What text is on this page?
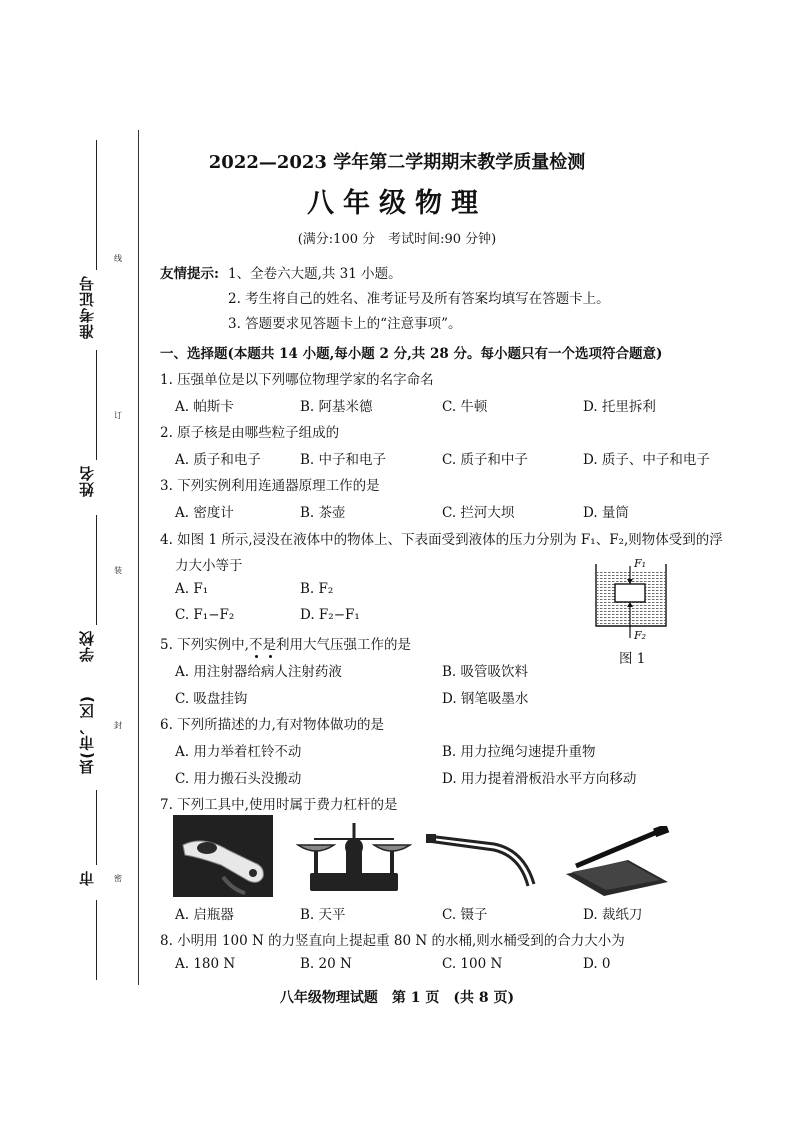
准考证号
姓名
学校
县(市、区)
市
线
订
装
封
密
2022—2023 学年第二学期期末教学质量检测
八年级物理
(满分:100 分　考试时间:90 分钟)
友情提示: 1、全卷六大题,共 31 小题。
2. 考生将自己的姓名、准考证号及所有答案均填写在答题卡上。
3. 答题要求见答题卡上的“注意事项”。
一、选择题(本题共 14 小题,每小题 2 分,共 28 分。每小题只有一个选项符合题意)
1. 压强单位是以下列哪位物理学家的名字命名
A. 帕斯卡	B. 阿基米德	C. 牛顿	D. 托里拆利
2. 原子核是由哪些粒子组成的
A. 质子和电子	B. 中子和电子	C. 质子和中子	D. 质子、中子和电子
3. 下列实例利用连通器原理工作的是
A. 密度计	B. 茶壶	C. 拦河大坝	D. 量筒
4. 如图 1 所示,浸没在液体中的物体上、下表面受到液体的压力分别为 F₁、F₂,则物体受到的浮
力大小等于
A. F₁	B. F₂
C. F₁−F₂	D. F₂−F₁
F₁
F₂
图 1
5. 下列实例中,不是利用大气压强工作的是
A. 用注射器给病人注射药液	B. 吸管吸饮料
C. 吸盘挂钩	D. 钢笔吸墨水
6. 下列所描述的力,有对物体做功的是
A. 用力举着杠铃不动	B. 用力拉绳匀速提升重物
C. 用力搬石头没搬动	D. 用力提着滑板沿水平方向移动
7. 下列工具中,使用时属于费力杠杆的是
A. 启瓶器	B. 天平	C. 镊子	D. 裁纸刀
8. 小明用 100 N 的力竖直向上提起重 80 N 的水桶,则水桶受到的合力大小为
A. 180 N	B. 20 N	C. 100 N	D. 0
八年级物理试题　第 1 页　(共 8 页)
